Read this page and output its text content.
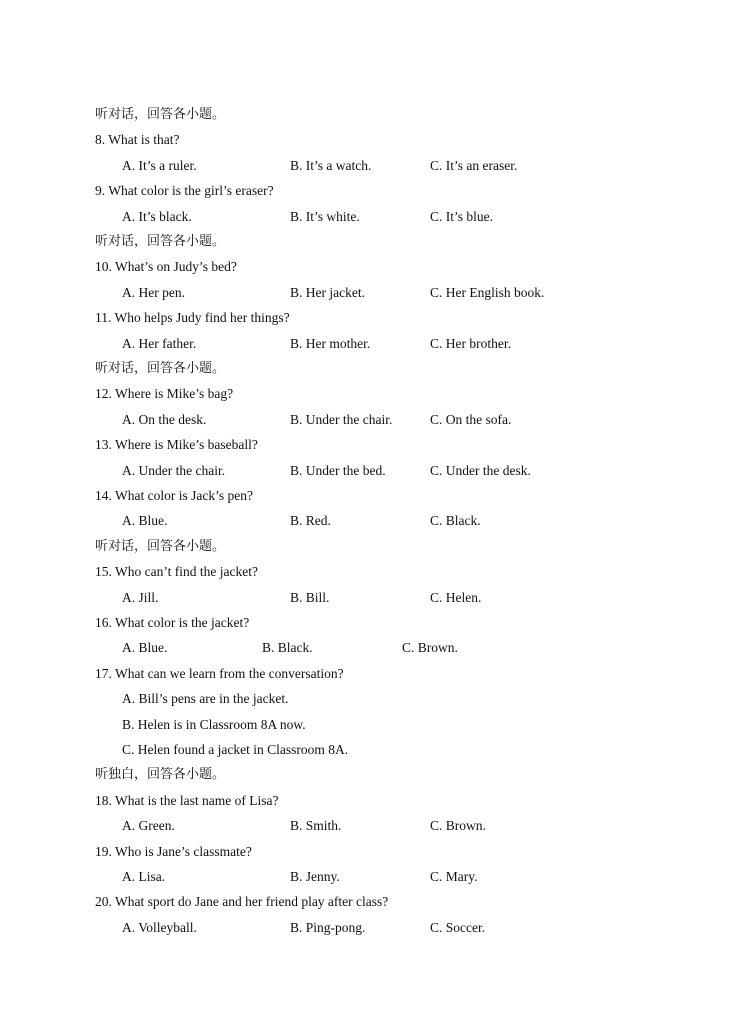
听对话，回答各小题。
8. What is that?
A. It’s a ruler.	B. It’s a watch.	C. It’s an eraser.
9. What color is the girl’s eraser?
A. It’s black.	B. It’s white.	C. It’s blue.
听对话，回答各小题。
10. What’s on Judy’s bed?
A. Her pen.	B. Her jacket.	C. Her English book.
11. Who helps Judy find her things?
A. Her father.	B. Her mother.	C. Her brother.
听对话，回答各小题。
12. Where is Mike’s bag?
A. On the desk.	B. Under the chair.	C. On the sofa.
13. Where is Mike’s baseball?
A. Under the chair.	B. Under the bed.	C. Under the desk.
14. What color is Jack’s pen?
A. Blue.	B. Red.	C. Black.
听对话，回答各小题。
15. Who can’t find the jacket?
A. Jill.	B. Bill.	C. Helen.
16. What color is the jacket?
A. Blue.	B. Black.	C. Brown.
17. What can we learn from the conversation?
A. Bill’s pens are in the jacket.
B. Helen is in Classroom 8A now.
C. Helen found a jacket in Classroom 8A.
听独白，回答各小题。
18. What is the last name of Lisa?
A. Green.	B. Smith.	C. Brown.
19. Who is Jane’s classmate?
A. Lisa.	B. Jenny.	C. Mary.
20. What sport do Jane and her friend play after class?
A. Volleyball.	B. Ping-pong.	C. Soccer.
